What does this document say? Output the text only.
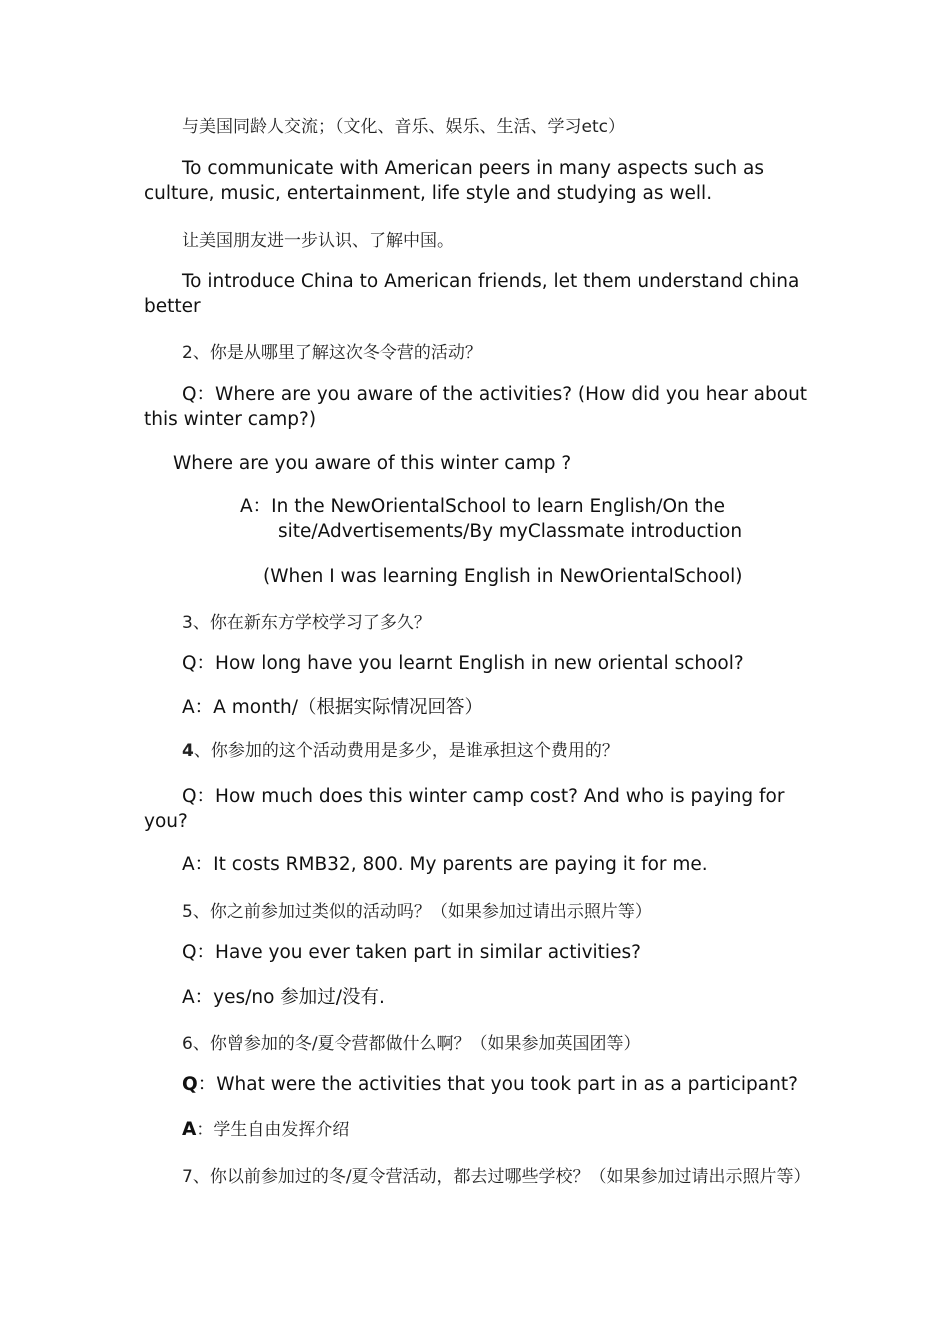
与美国同龄人交流；（文化、音乐、娱乐、生活、学习etc）

To communicate with American peers in many aspects such as culture, music, entertainment, life style and studying as well.

让美国朋友进一步认识、了解中国。

To introduce China to American friends, let them understand china better

2、你是从哪里了解这次冬令营的活动？

Q：Where are you aware of the activities? (How did you hear about this winter camp?)

Where are you aware of this winter camp ?

A：In the NewOrientalSchool to learn English/On the
site/Advertisements/By myClassmate introduction

(When I was learning English in NewOrientalSchool)

3、你在新东方学校学习了多久？

Q：How long have you learnt English in new oriental school?

A：A month/（根据实际情况回答）

4、你参加的这个活动费用是多少，是谁承担这个费用的？

Q：How much does this winter camp cost? And who is paying for you?

A：It costs RMB32, 800. My parents are paying it for me.

5、你之前参加过类似的活动吗？（如果参加过请出示照片等）

Q：Have you ever taken part in similar activities?

A：yes/no 参加过/没有.

6、你曾参加的冬/夏令营都做什么啊？（如果参加英国团等）

Q：What were the activities that you took part in as a participant?

A：学生自由发挥介绍

7、你以前参加过的冬/夏令营活动，都去过哪些学校？（如果参加过请出示照片等）
